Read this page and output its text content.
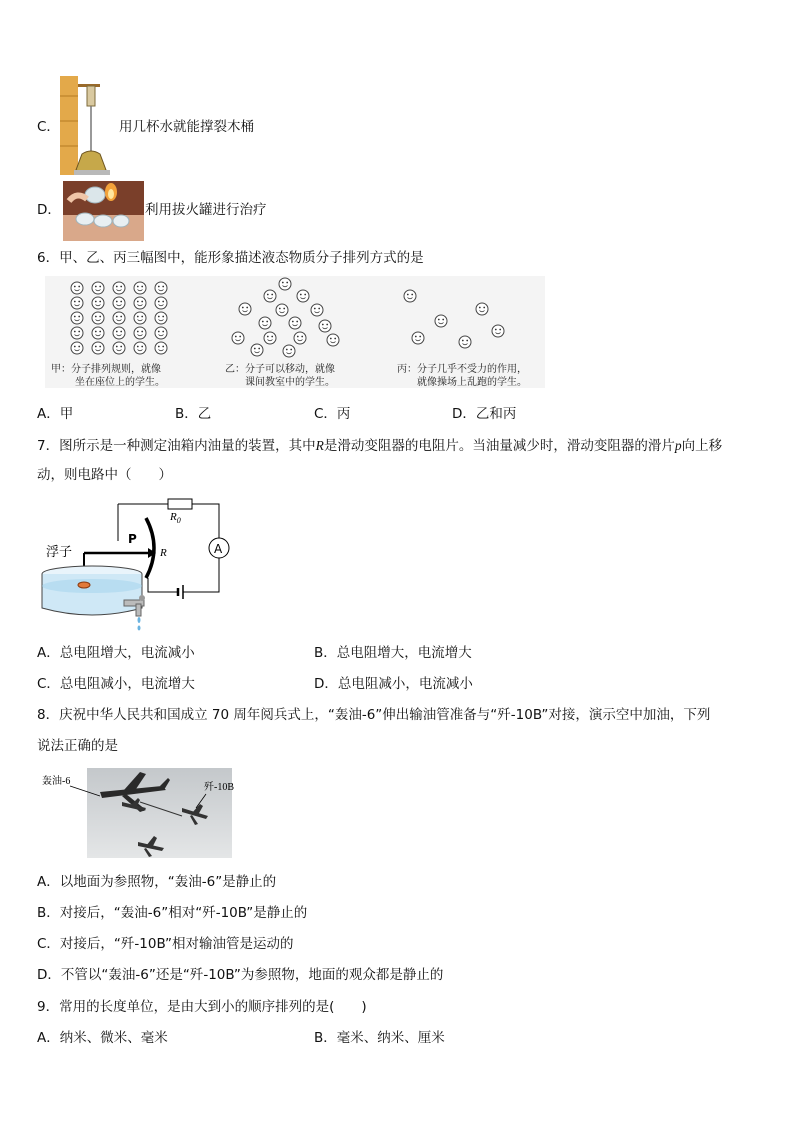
C．	用几杯水就能撑裂木桶
D．	利用拔火罐进行治疗
6．甲、乙、丙三幅图中，能形象描述液态物质分子排列方式的是
甲：分子排列规则，就像
坐在座位上的学生。
乙：分子可以移动，就像
课间教室中的学生。
丙：分子几乎不受力的作用，
就像操场上乱跑的学生。
A．甲	B．乙	C．丙	D．乙和丙
7．图所示是一种测定油箱内油量的装置，其中R是滑动变阻器的电阻片。当油量减少时，滑动变阻器的滑片p向上移
动，则电路中（　　）
A
$R_0$
R
P
浮子
A．总电阻增大，电流减小	B．总电阻增大，电流增大
C．总电阻减小，电流增大	D．总电阻减小，电流减小
8．庆祝中华人民共和国成立 70 周年阅兵式上，“轰油-6”伸出输油管准备与“歼-10B”对接，演示空中加油，下列
说法正确的是
轰油-6
歼-10B
A．以地面为参照物，“轰油-6”是静止的
B．对接后，“轰油-6”相对“歼-10B”是静止的
C．对接后，“歼-10B”相对输油管是运动的
D．不管以“轰油-6”还是“歼-10B”为参照物，地面的观众都是静止的
9．常用的长度单位，是由大到小的顺序排列的是(　　)
A．纳米、微米、毫米	B．毫米、纳米、厘米
